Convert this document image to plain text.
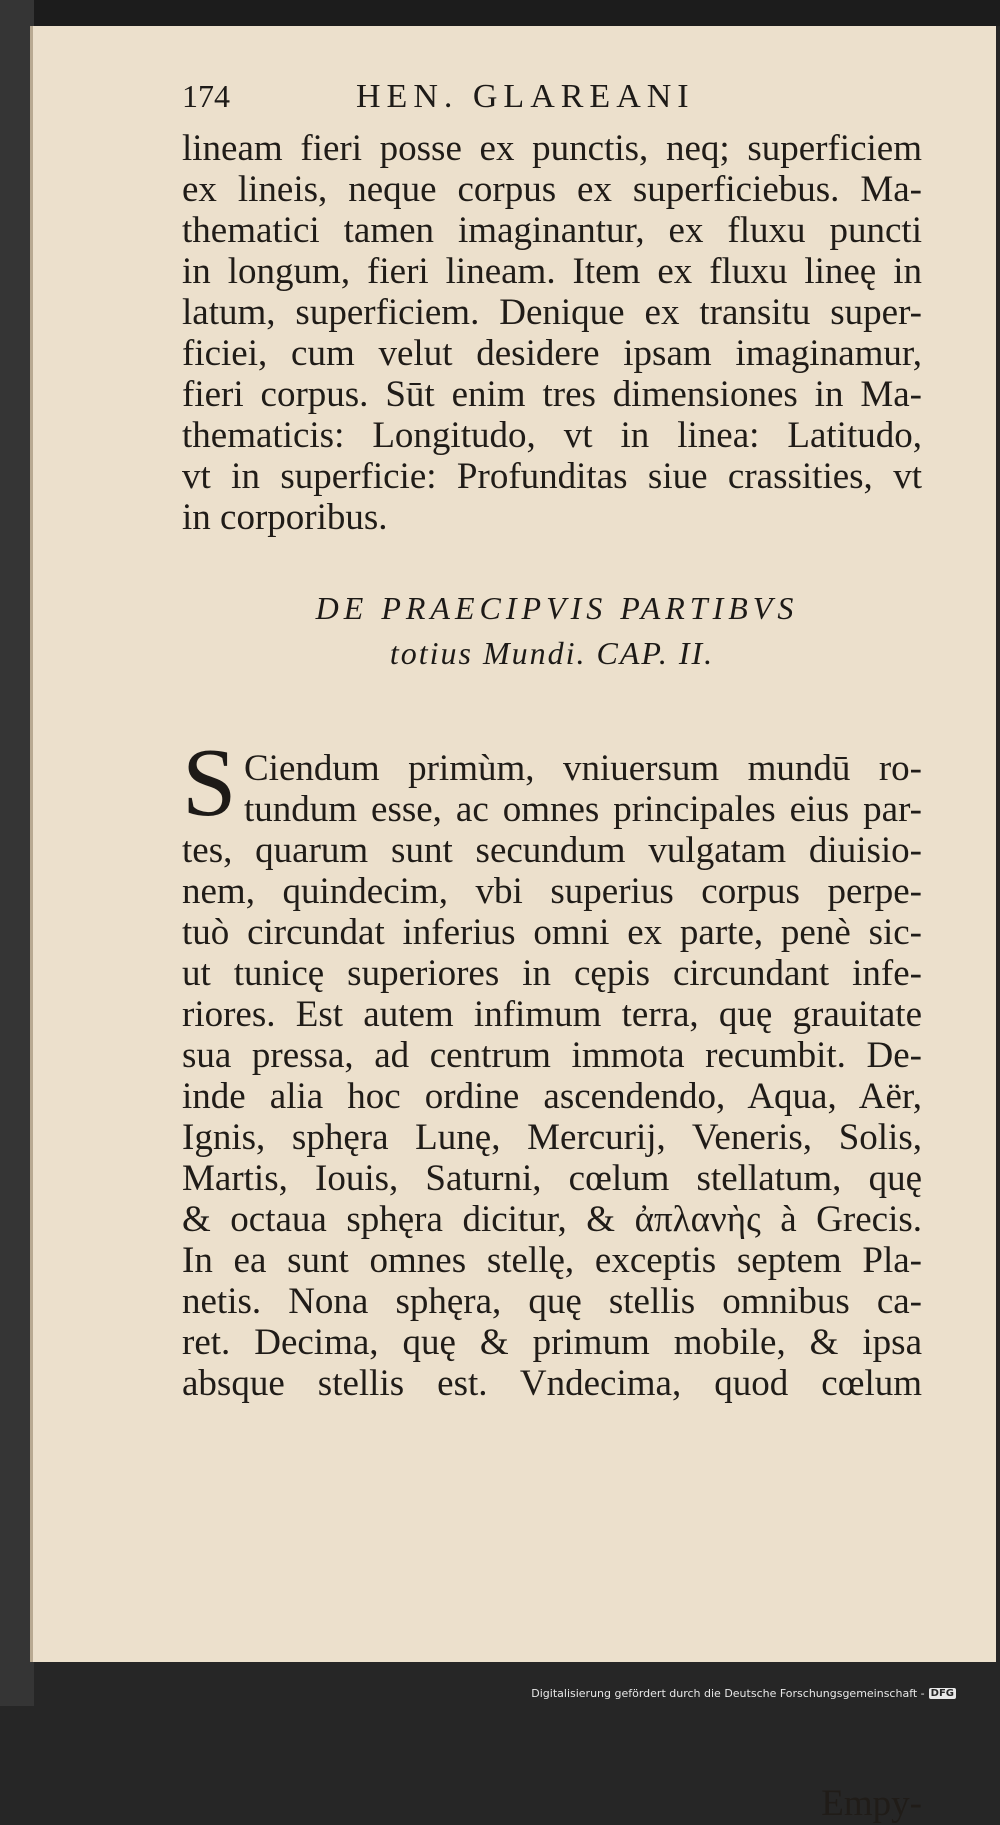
174	HEN. GLAREANI
lineam fieri posse ex punctis, neq; superficiem
ex lineis, neque corpus ex superficiebus. Ma-
thematici tamen imaginantur, ex fluxu puncti
in longum, fieri lineam. Item ex fluxu lineę in
latum, superficiem. Denique ex transitu super-
ficiei, cum velut desidere ipsam imaginamur,
fieri corpus. Sūt enim tres dimensiones in Ma-
thematicis: Longitudo, vt in linea: Latitudo,
vt in superficie: Profunditas siue crassities, vt
in corporibus.
DE PRAECIPVIS PARTIBVS
totius Mundi. CAP. II.
S Ciendum primùm, vniuersum mundū ro-
tundum esse, ac omnes principales eius par-
tes, quarum sunt secundum vulgatam diuisio-
nem, quindecim, vbi superius corpus perpe-
tuò circundat inferius omni ex parte, penè sic-
ut tunicę superiores in cępis circundant infe-
riores. Est autem infimum terra, quę grauitate
sua pressa, ad centrum immota recumbit. De-
inde alia hoc ordine ascendendo, Aqua, Aër,
Ignis, sphęra Lunę, Mercurij, Veneris, Solis,
Martis, Iouis, Saturni, cœlum stellatum, quę
& octaua sphęra dicitur, & ἀπλανὴς à Grecis.
In ea sunt omnes stellę, exceptis septem Pla-
netis. Nona sphęra, quę stellis omnibus ca-
ret. Decima, quę & primum mobile, & ipsa
absque stellis est. Vndecima, quod cœlum
Empy-
Digitalisierung gefördert durch die Deutsche Forschungsgemeinschaft - DFG
